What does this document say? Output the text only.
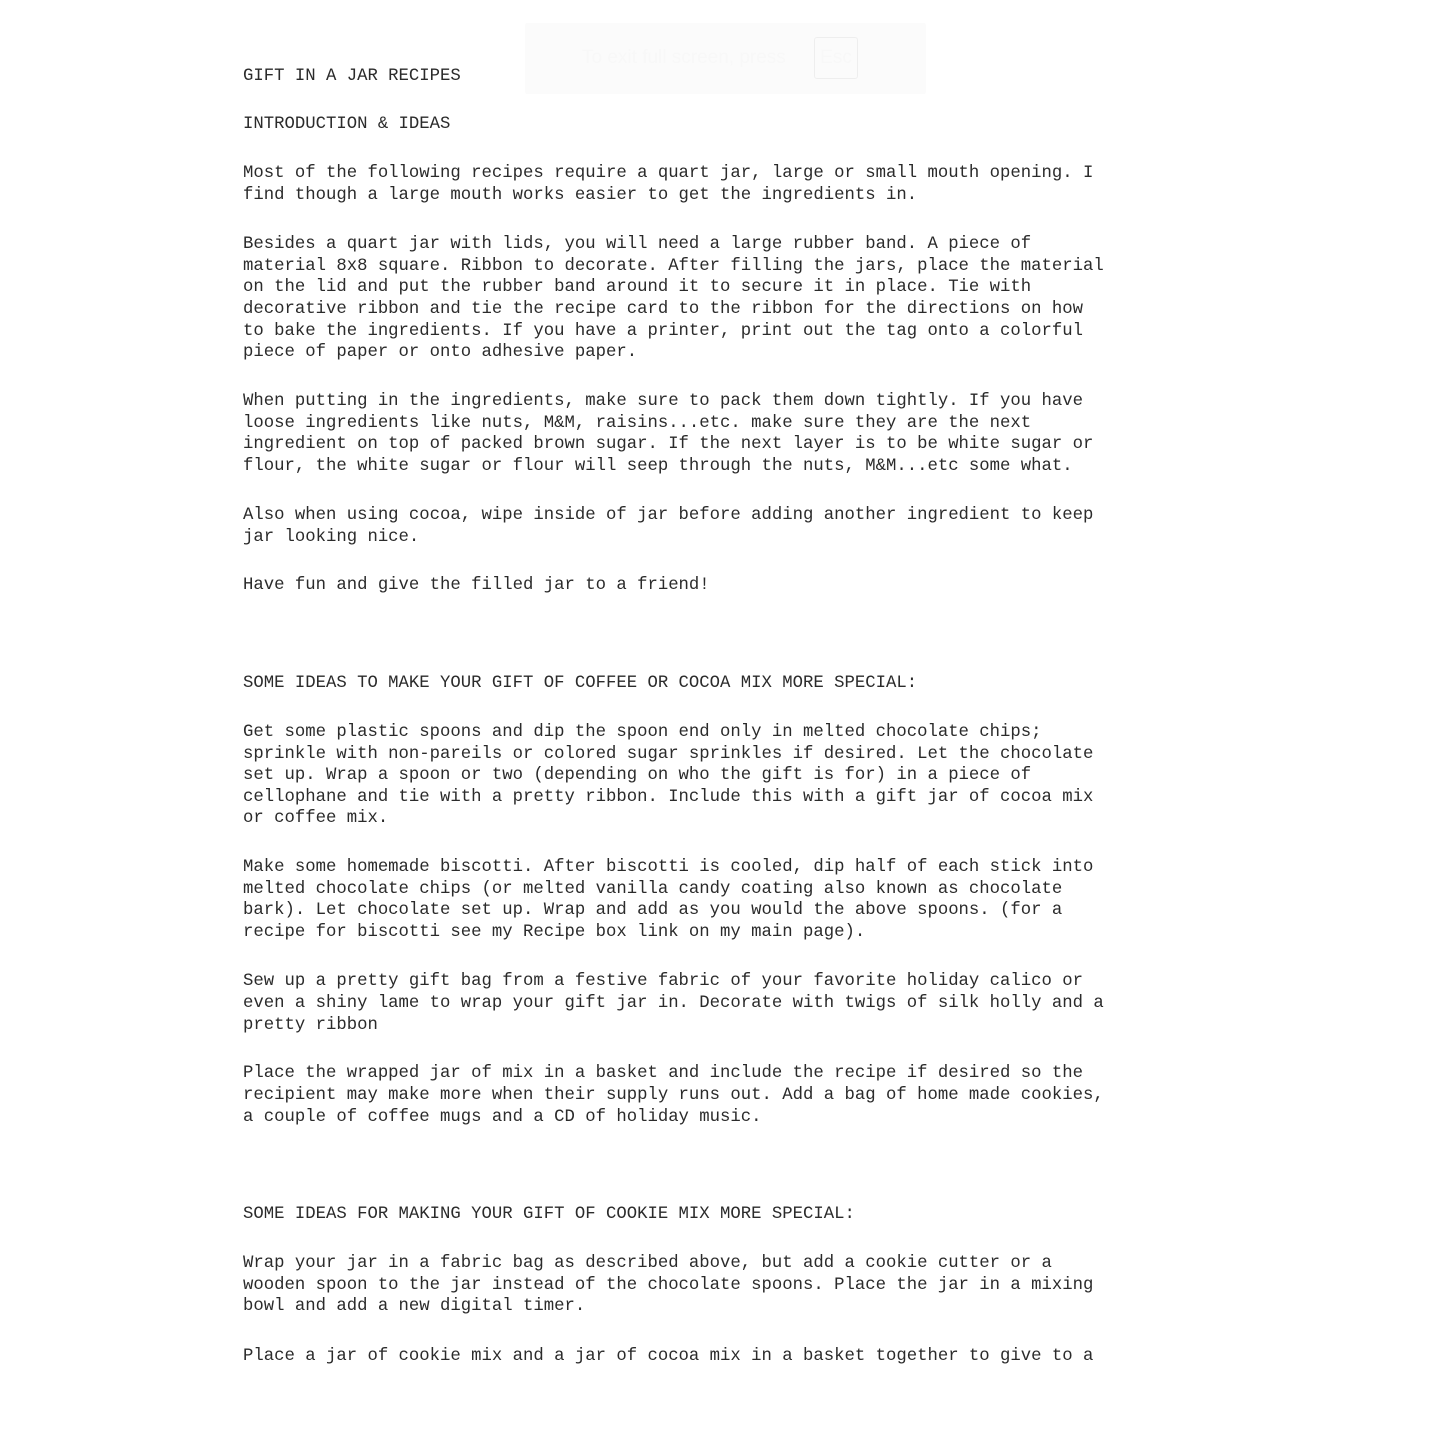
GIFT IN A JAR RECIPES
INTRODUCTION & IDEAS
Most of the following recipes require a quart jar, large or small mouth opening. I
find though a large mouth works easier to get the ingredients in.
Besides a quart jar with lids, you will need a large rubber band. A piece of
material 8x8 square. Ribbon to decorate. After filling the jars, place the material
on the lid and put the rubber band around it to secure it in place. Tie with
decorative ribbon and tie the recipe card to the ribbon for the directions on how
to bake the ingredients. If you have a printer, print out the tag onto a colorful
piece of paper or onto adhesive paper.
When putting in the ingredients, make sure to pack them down tightly. If you have
loose ingredients like nuts, M&M, raisins...etc. make sure they are the next
ingredient on top of packed brown sugar. If the next layer is to be white sugar or
flour, the white sugar or flour will seep through the nuts, M&M...etc some what.
Also when using cocoa, wipe inside of jar before adding another ingredient to keep
jar looking nice.
Have fun and give the filled jar to a friend!
SOME IDEAS TO MAKE YOUR GIFT OF COFFEE OR COCOA MIX MORE SPECIAL:
Get some plastic spoons and dip the spoon end only in melted chocolate chips;
sprinkle with non-pareils or colored sugar sprinkles if desired. Let the chocolate
set up. Wrap a spoon or two (depending on who the gift is for) in a piece of
cellophane and tie with a pretty ribbon. Include this with a gift jar of cocoa mix
or coffee mix.
Make some homemade biscotti. After biscotti is cooled, dip half of each stick into
melted chocolate chips (or melted vanilla candy coating also known as chocolate
bark). Let chocolate set up. Wrap and add as you would the above spoons. (for a
recipe for biscotti see my Recipe box link on my main page).
Sew up a pretty gift bag from a festive fabric of your favorite holiday calico or
even a shiny lame to wrap your gift jar in. Decorate with twigs of silk holly and a
pretty ribbon
Place the wrapped jar of mix in a basket and include the recipe if desired so the
recipient may make more when their supply runs out. Add a bag of home made cookies,
a couple of coffee mugs and a CD of holiday music.
SOME IDEAS FOR MAKING YOUR GIFT OF COOKIE MIX MORE SPECIAL:
Wrap your jar in a fabric bag as described above, but add a cookie cutter or a
wooden spoon to the jar instead of the chocolate spoons. Place the jar in a mixing
bowl and add a new digital timer.
Place a jar of cookie mix and a jar of cocoa mix in a basket together to give to a
To exit full screen, press	Esc
